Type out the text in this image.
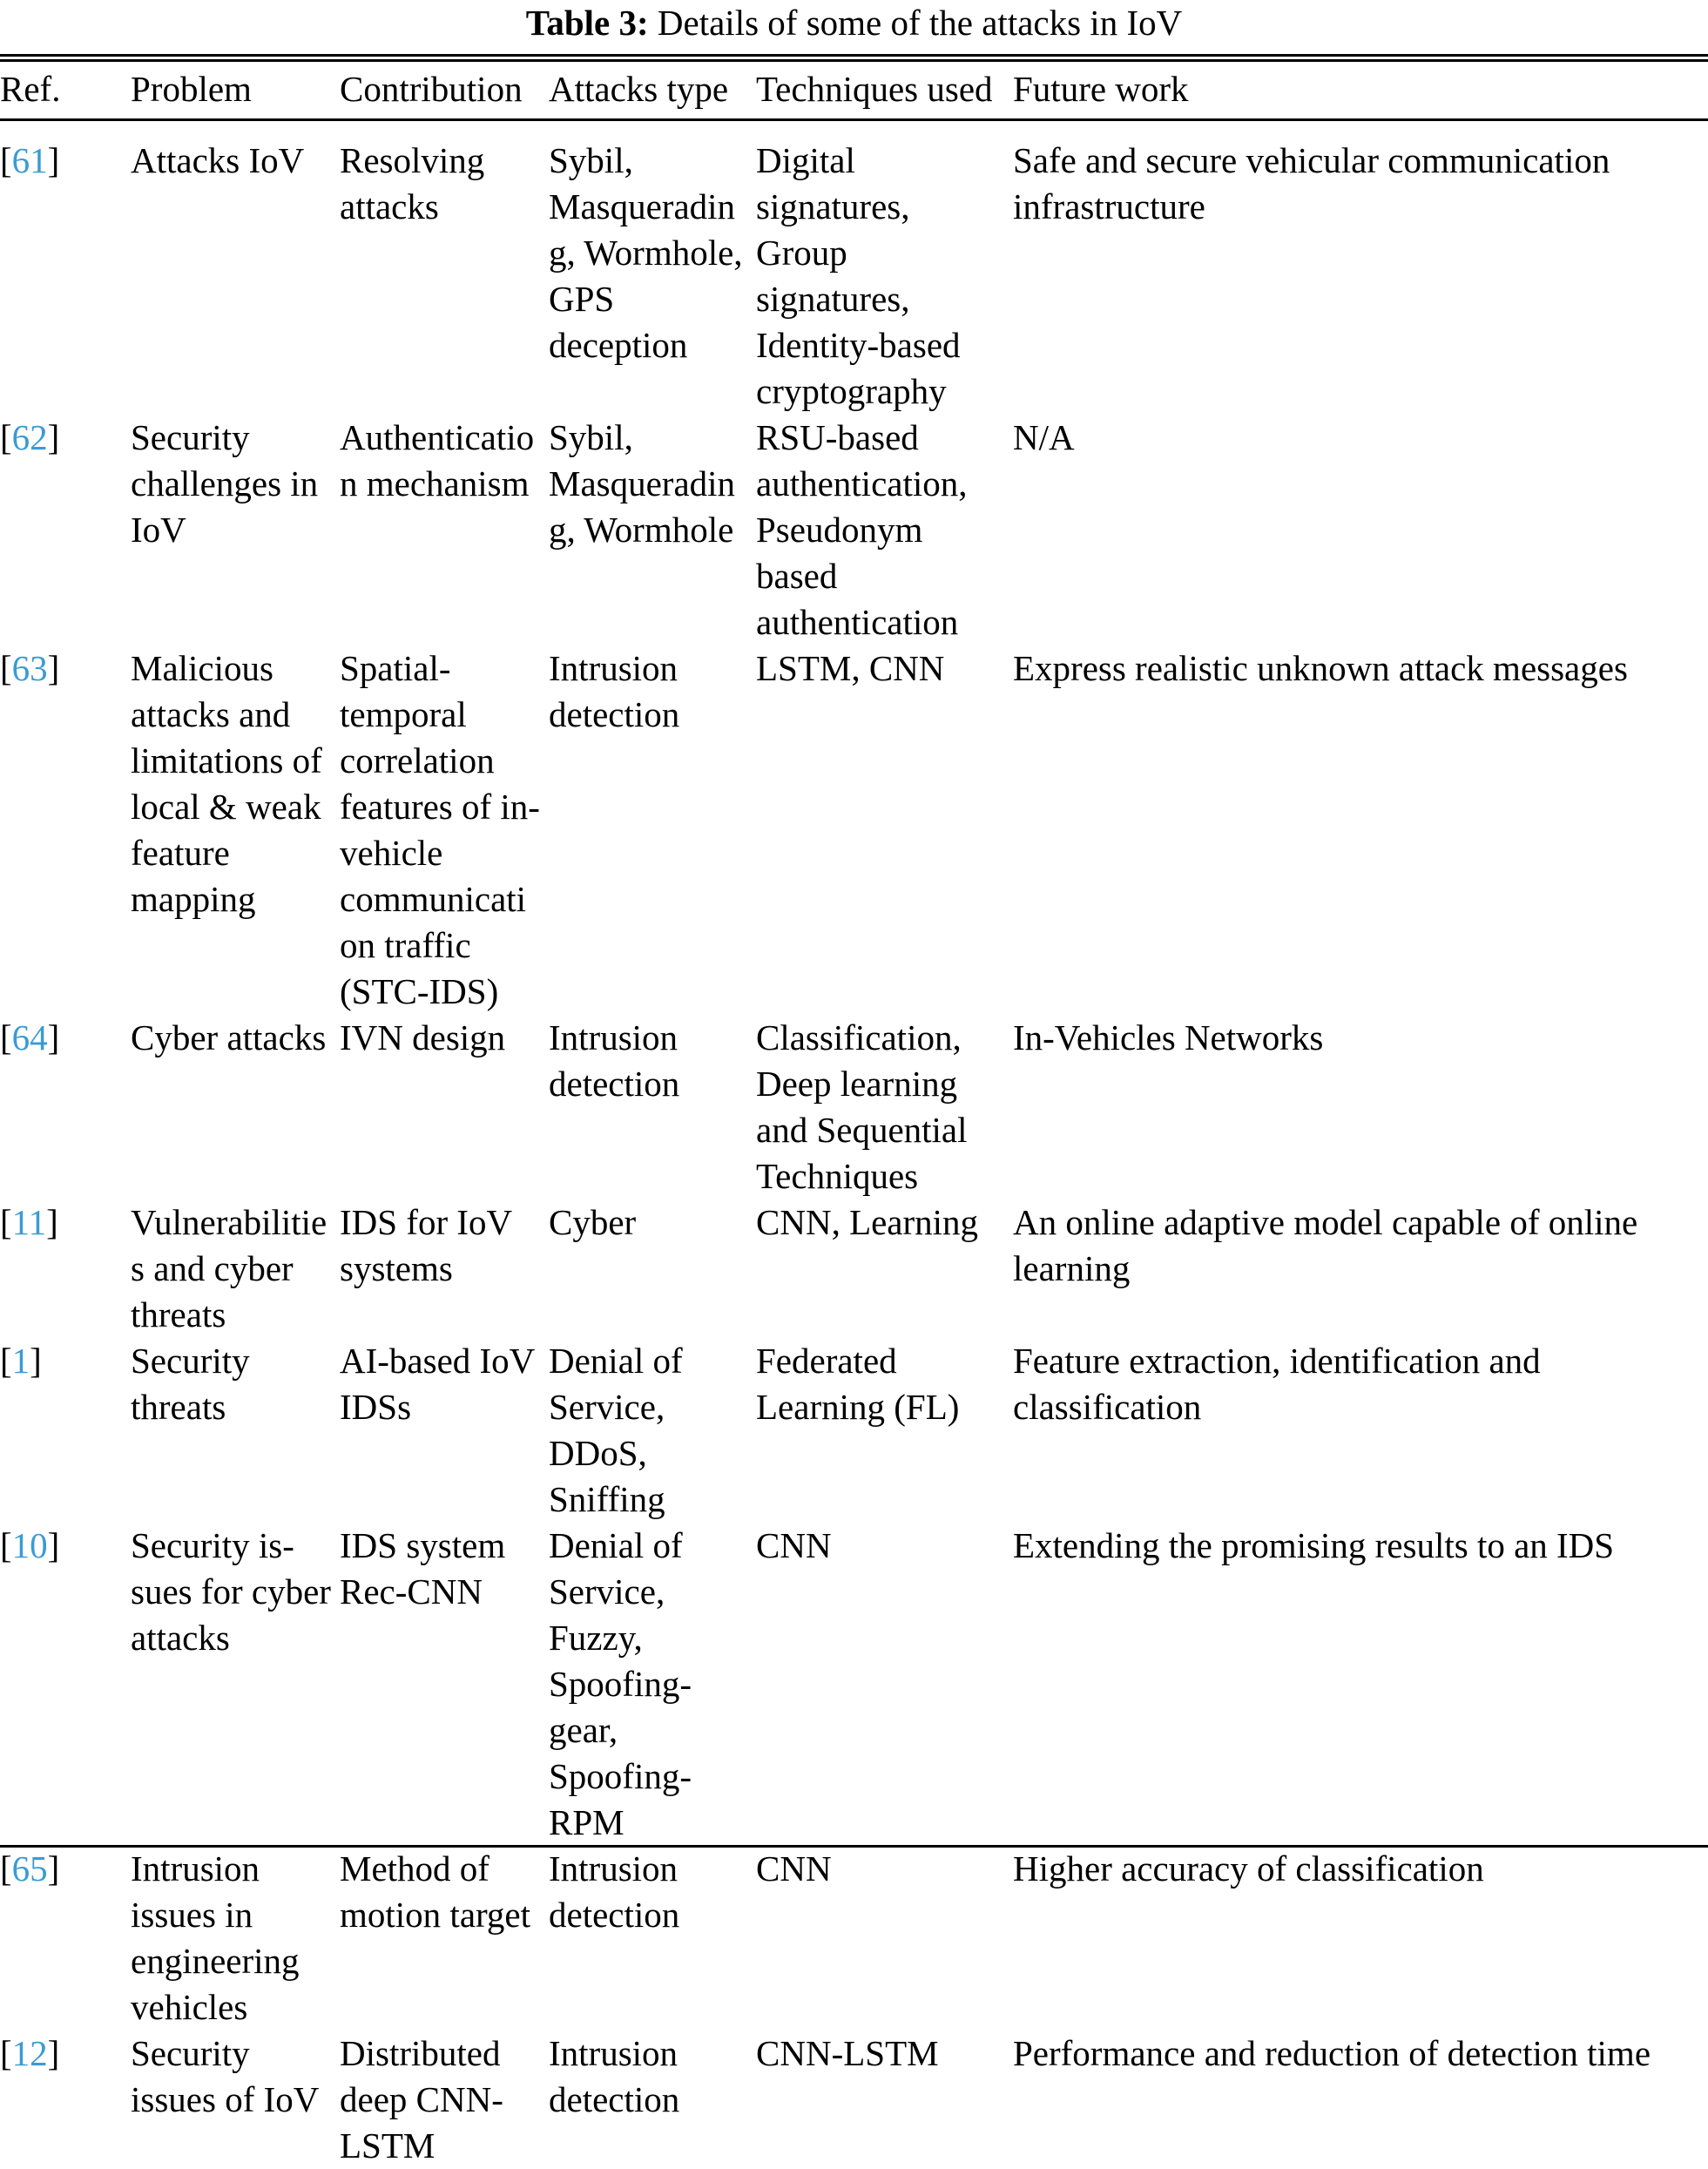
Table 3: Details of some of the attacks in IoV
Ref.	Problem	Contribution	Attacks type	Techniques used	Future work

[61]	Attacks IoV	Resolving attacks	Sybil, Masquerading, Wormhole, GPS deception	Digital signatures, Group signatures, Identity-based cryptography	Safe and secure vehicular communication infrastructure

[62]	Security challenges in IoV	Authentication mechanism	Sybil, Masquerading, Wormhole	RSU-based authentication, Pseudonym based authentication	N/A

[63]	Malicious attacks and limitations of local & weak feature mapping	Spatial-temporal correlation features of in-vehicle communication traffic (STC-IDS)	Intrusion detection	LSTM, CNN	Express realistic unknown attack messages

[64]	Cyber attacks	IVN design	Intrusion detection	Classification, Deep learning and Sequential Techniques	In-Vehicles Networks

[11]	Vulnerabilities and cyber threats	IDS for IoV systems	Cyber	CNN, Learning	An online adaptive model capable of online learning

[1]	Security threats	AI-based IoV IDSs	Denial of Service, DDoS, Sniffing	Federated Learning (FL)	Feature extraction, identification and classification

[10]	Security is-sues for cyber attacks	IDS system Rec-CNN	Denial of Service, Fuzzy, Spoofing-gear, Spoofing-RPM	CNN	Extending the promising results to an IDS

[65]	Intrusion issues in engineering vehicles	Method of motion target	Intrusion detection	CNN	Higher accuracy of classification

[12]	Security issues of IoV	Distributed deep CNN-LSTM	Intrusion detection	CNN-LSTM	Performance and reduction of detection time
